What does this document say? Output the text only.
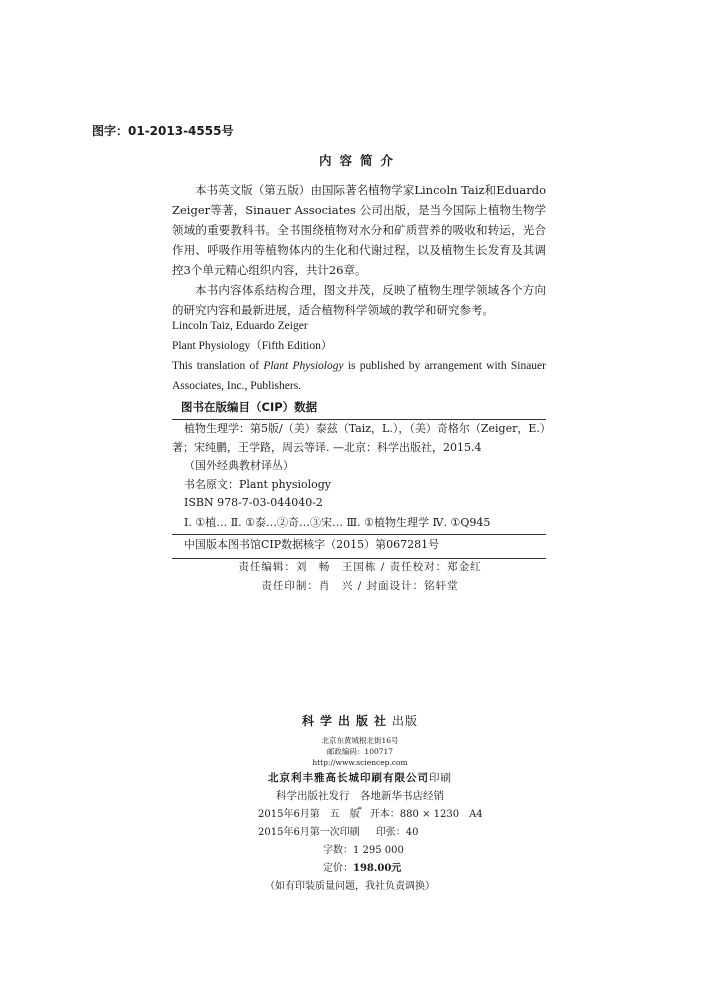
图字：01-2013-4555号
内容简介

本书英文版（第五版）由国际著名植物学家Lincoln Taiz和Eduardo Zeiger等著，Sinauer Associates 公司出版，是当今国际上植物生物学领域的重要教科书。全书围绕植物对水分和矿质营养的吸收和转运，光合作用、呼吸作用等植物体内的生化和代谢过程，以及植物生长发育及其调控3个单元精心组织内容，共计26章。

本书内容体系结构合理，图文并茂，反映了植物生理学领域各个方向的研究内容和最新进展，适合植物科学领域的教学和研究参考。

Lincoln Taiz, Eduardo Zeiger
Plant Physiology（Fifth Edition）
This translation of Plant Physiology is published by arrangement with Sinauer
Associates, Inc., Publishers.
图书在版编目（CIP）数据
植物生理学：第5版/（美）泰兹（Taiz，L.），（美）奇格尔（Zeiger，E.）
著；宋纯鹏，王学路，周云等译. —北京：科学出版社，2015.4
（国外经典教材译丛）
书名原文：Plant physiology
ISBN 978-7-03-044040-2
Ⅰ. ①植… Ⅱ. ①泰…②奇…③宋… Ⅲ. ①植物生理学 Ⅳ. ①Q945
中国版本图书馆CIP数据核字（2015）第067281号
责任编辑：刘　畅　王国栋 / 责任校对：郑金红
责任印制：肖　兴 / 封面设计：铭轩堂
科学出版社出版
北京东黄城根北街16号
邮政编码：100717
http://www.sciencep.com
北京利丰雅高长城印刷有限公司印刷
科学出版社发行　各地新华书店经销
*
2015年6月第　五　版 开本：880 × 1230　A4
2015年6月第一次印刷 印张：40
字数：1 295 000
定价：198.00元
（如有印装质量问题，我社负责调换）
